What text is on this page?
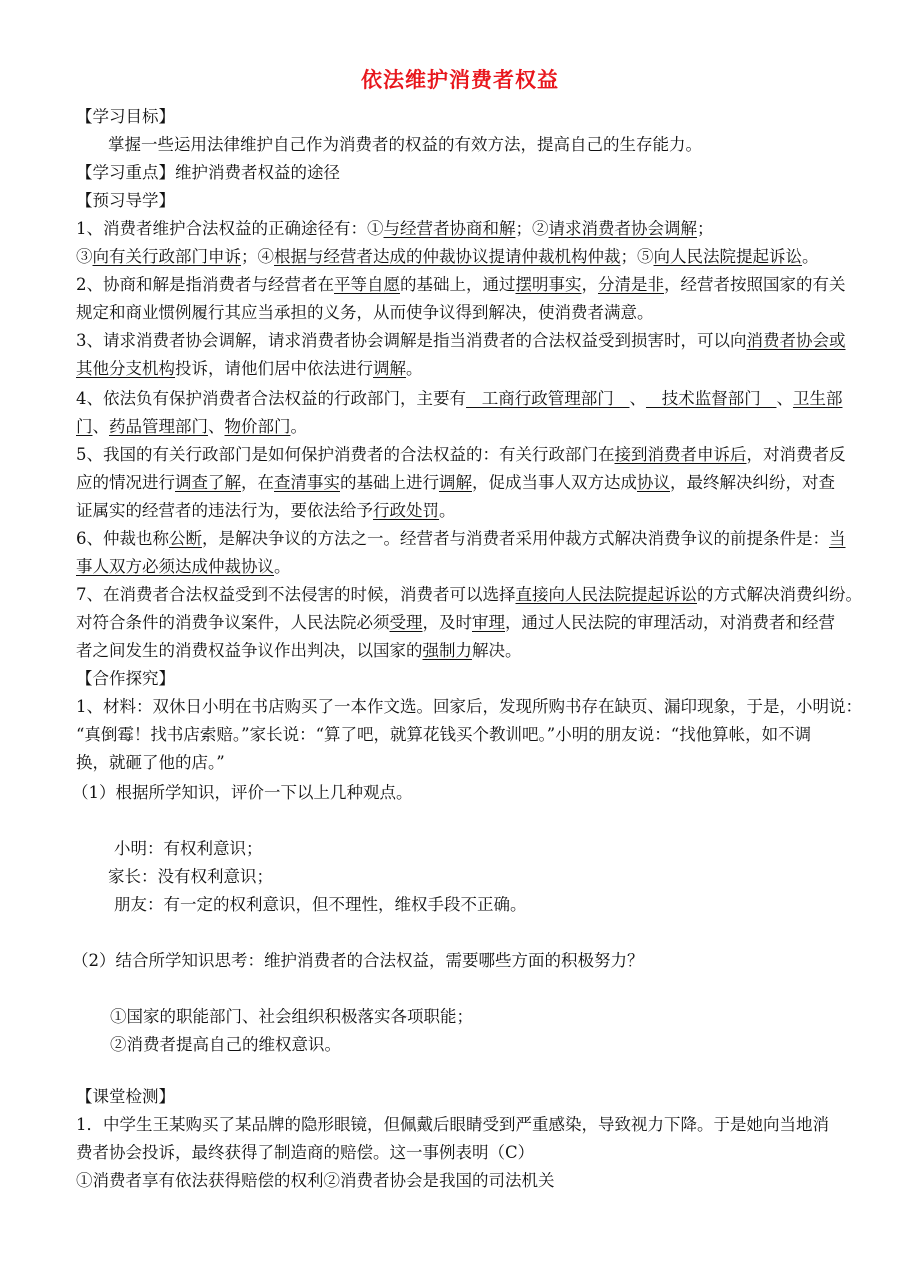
依法维护消费者权益
【学习目标】
掌握一些运用法律维护自己作为消费者的权益的有效方法，提高自己的生存能力。
【学习重点】维护消费者权益的途径
【预习导学】
1、消费者维护合法权益的正确途径有：①与经营者协商和解；②请求消费者协会调解；
③向有关行政部门申诉；④根据与经营者达成的仲裁协议提请仲裁机构仲裁；⑤向人民法院提起诉讼。
2、协商和解是指消费者与经营者在平等自愿的基础上，通过摆明事实，分清是非，经营者按照国家的有关
规定和商业惯例履行其应当承担的义务，从而使争议得到解决，使消费者满意。
3、请求消费者协会调解，请求消费者协会调解是指当消费者的合法权益受到损害时，可以向消费者协会或
其他分支机构投诉，请他们居中依法进行调解。
4、依法负有保护消费者合法权益的行政部门，主要有   工商行政管理部门   、   技术监督部门   、卫生部
门、药品管理部门、物价部门。
5、我国的有关行政部门是如何保护消费者的合法权益的：有关行政部门在接到消费者申诉后，对消费者反
应的情况进行调查了解，在查清事实的基础上进行调解，促成当事人双方达成协议，最终解决纠纷，对查
证属实的经营者的违法行为，要依法给予行政处罚。
6、仲裁也称公断，是解决争议的方法之一。经营者与消费者采用仲裁方式解决消费争议的前提条件是：当
事人双方必须达成仲裁协议。
7、在消费者合法权益受到不法侵害的时候，消费者可以选择直接向人民法院提起诉讼的方式解决消费纠纷。
对符合条件的消费争议案件，人民法院必须受理，及时审理，通过人民法院的审理活动，对消费者和经营
者之间发生的消费权益争议作出判决，以国家的强制力解决。
【合作探究】
1、材料：双休日小明在书店购买了一本作文选。回家后，发现所购书存在缺页、漏印现象，于是，小明说：
“真倒霉！找书店索赔。”家长说：“算了吧，就算花钱买个教训吧。”小明的朋友说：“找他算帐，如不调
换，就砸了他的店。”
（1）根据所学知识，评价一下以上几种观点。
小明：有权利意识；
家长：没有权利意识；
朋友：有一定的权利意识，但不理性，维权手段不正确。
（2）结合所学知识思考：维护消费者的合法权益，需要哪些方面的积极努力？
①国家的职能部门、社会组织积极落实各项职能；
②消费者提高自己的维权意识。
【课堂检测】
1．中学生王某购买了某品牌的隐形眼镜，但佩戴后眼睛受到严重感染，导致视力下降。于是她向当地消
费者协会投诉，最终获得了制造商的赔偿。这一事例表明（C）
①消费者享有依法获得赔偿的权利②消费者协会是我国的司法机关
